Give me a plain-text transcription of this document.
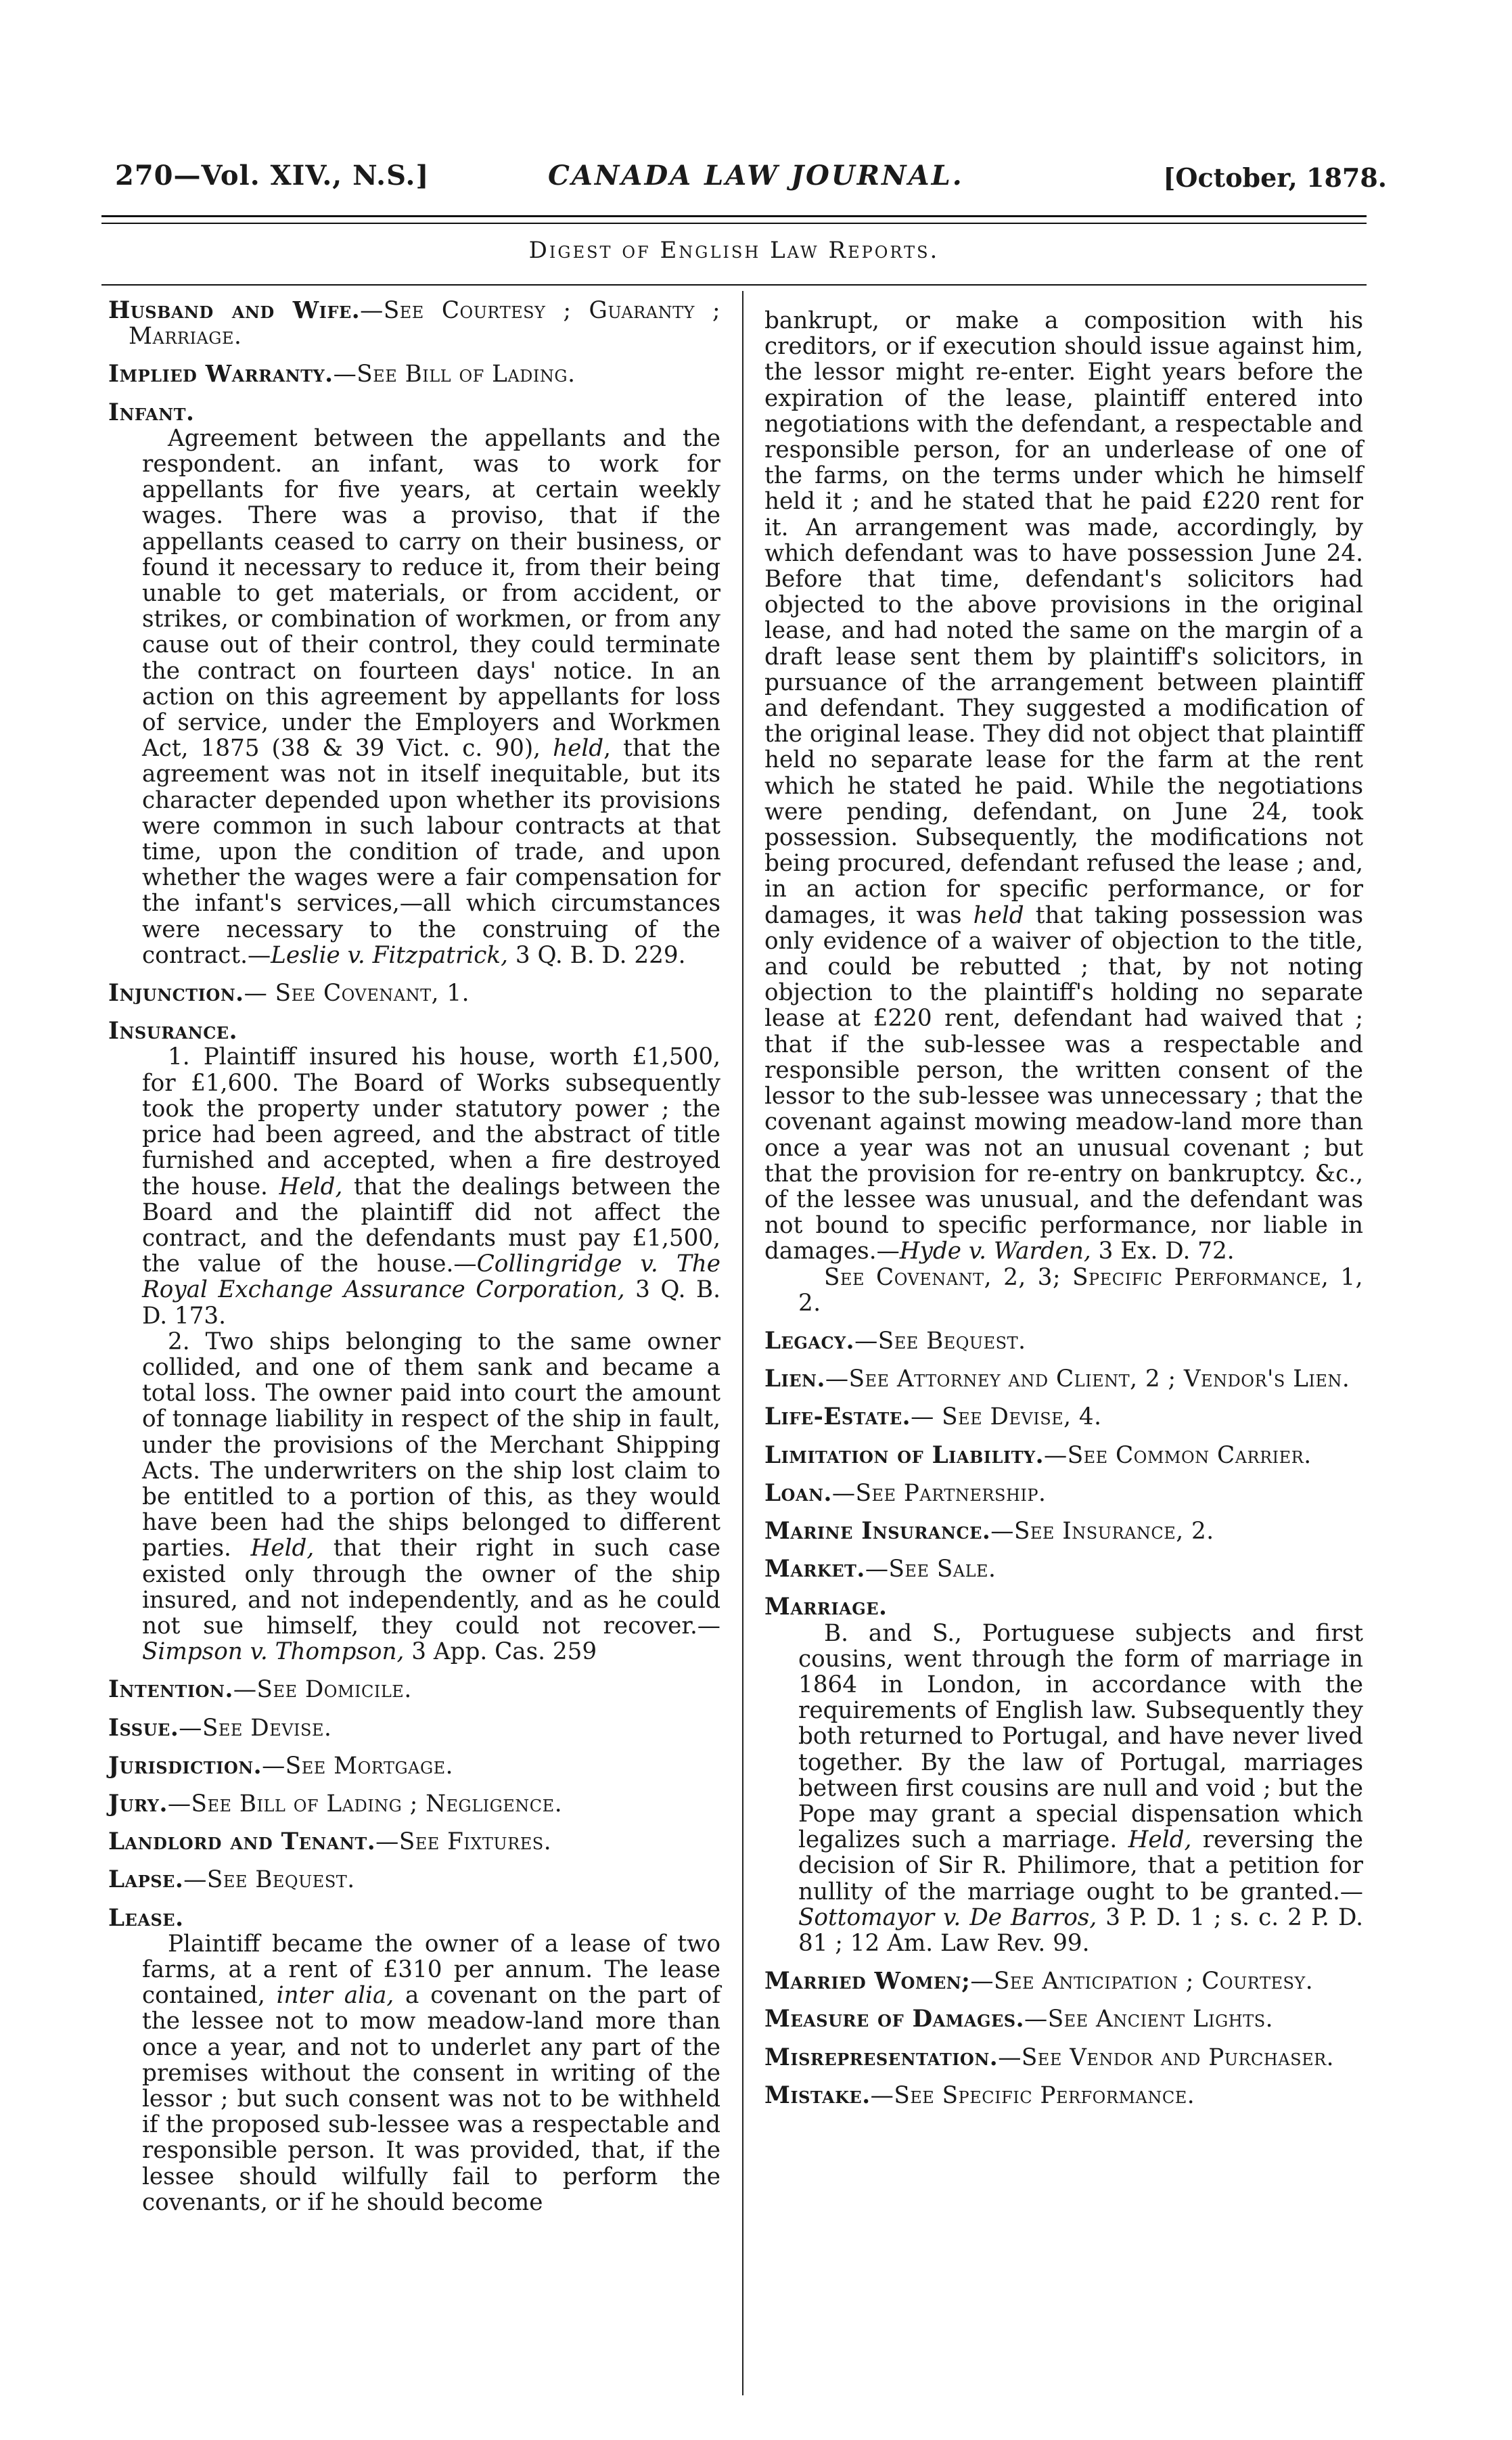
270—Vol. XIV., N.S.]	CANADA LAW JOURNAL.	[October, 1878.
Digest of English Law Reports.
Husband and Wife.—See Courtesy ; Guaranty ; Marriage.
Implied Warranty.—See Bill of Lading.
Infant.

Agreement between the appellants and the respondent. an infant, was to work for appellants for five years, at certain weekly wages. There was a proviso, that if the appellants ceased to carry on their business, or found it necessary to reduce it, from their being unable to get materials, or from accident, or strikes, or combination of workmen, or from any cause out of their control, they could terminate the contract on fourteen days' notice. In an action on this agreement by appellants for loss of service, under the Employers and Workmen Act, 1875 (38 & 39 Vict. c. 90), held, that the agreement was not in itself inequitable, but its character depended upon whether its provisions were common in such labour contracts at that time, upon the condition of trade, and upon whether the wages were a fair compensation for the infant's services,—all which circumstances were necessary to the construing of the contract.—Leslie v. Fitzpatrick, 3 Q. B. D. 229.

Injunction.— See Covenant, 1.
Insurance.

1. Plaintiff insured his house, worth £1,500, for £1,600. The Board of Works subsequently took the property under statutory power ; the price had been agreed, and the abstract of title furnished and accepted, when a fire destroyed the house. Held, that the dealings between the Board and the plaintiff did not affect the contract, and the defendants must pay £1,500, the value of the house.—Collingridge v. The Royal Exchange Assurance Corporation, 3 Q. B. D. 173.

2. Two ships belonging to the same owner collided, and one of them sank and became a total loss. The owner paid into court the amount of tonnage liability in respect of the ship in fault, under the provisions of the Merchant Shipping Acts. The underwriters on the ship lost claim to be entitled to a portion of this, as they would have been had the ships belonged to different parties. Held, that their right in such case existed only through the owner of the ship insured, and not independently, and as he could not sue himself, they could not recover.—Simpson v. Thompson, 3 App. Cas. 259

Intention.—See Domicile.
Issue.—See Devise.
Jurisdiction.—See Mortgage.
Jury.—See Bill of Lading ; Negligence.
Landlord and Tenant.—See Fixtures.
Lapse.—See Bequest.
Lease.

Plaintiff became the owner of a lease of two farms, at a rent of £310 per annum. The lease contained, inter alia, a covenant on the part of the lessee not to mow meadow-land more than once a year, and not to underlet any part of the premises without the consent in writing of the lessor ; but such consent was not to be withheld if the proposed sub-lessee was a respectable and responsible person. It was provided, that, if the lessee should wilfully fail to perform the covenants, or if he should become

bankrupt, or make a composition with his creditors, or if execution should issue against him, the lessor might re-enter. Eight years before the expiration of the lease, plaintiff entered into negotiations with the defendant, a respectable and responsible person, for an underlease of one of the farms, on the terms under which he himself held it ; and he stated that he paid £220 rent for it. An arrangement was made, accordingly, by which defendant was to have possession June 24. Before that time, defendant's solicitors had objected to the above provisions in the original lease, and had noted the same on the margin of a draft lease sent them by plaintiff's solicitors, in pursuance of the arrangement between plaintiff and defendant. They suggested a modification of the original lease. They did not object that plaintiff held no separate lease for the farm at the rent which he stated he paid. While the negotiations were pending, defendant, on June 24, took possession. Subsequently, the modifications not being procured, defendant refused the lease ; and, in an action for specific performance, or for damages, it was held that taking possession was only evidence of a waiver of objection to the title, and could be rebutted ; that, by not noting objection to the plaintiff's holding no separate lease at £220 rent, defendant had waived that ; that if the sub-lessee was a respectable and responsible person, the written consent of the lessor to the sub-lessee was unnecessary ; that the covenant against mowing meadow-land more than once a year was not an unusual covenant ; but that the provision for re-entry on bankruptcy. &c., of the lessee was unusual, and the defendant was not bound to specific performance, nor liable in damages.—Hyde v. Warden, 3 Ex. D. 72.

See Covenant, 2, 3; Specific Performance, 1, 2.

Legacy.—See Bequest.
Lien.—See Attorney and Client, 2 ; Vendor's Lien.
Life-Estate.— See Devise, 4.
Limitation of Liability.—See Common Carrier.
Loan.—See Partnership.
Marine Insurance.—See Insurance, 2.
Market.—See Sale.
Marriage.

B. and S., Portuguese subjects and first cousins, went through the form of marriage in 1864 in London, in accordance with the requirements of English law. Subsequently they both returned to Portugal, and have never lived together. By the law of Portugal, marriages between first cousins are null and void ; but the Pope may grant a special dispensation which legalizes such a marriage. Held, reversing the decision of Sir R. Philimore, that a petition for nullity of the marriage ought to be granted.—Sottomayor v. De Barros, 3 P. D. 1 ; s. c. 2 P. D. 81 ; 12 Am. Law Rev. 99.

Married Women;—See Anticipation ; Courtesy.
Measure of Damages.—See Ancient Lights.
Misrepresentation.—See Vendor and Purchaser.
Mistake.—See Specific Performance.
